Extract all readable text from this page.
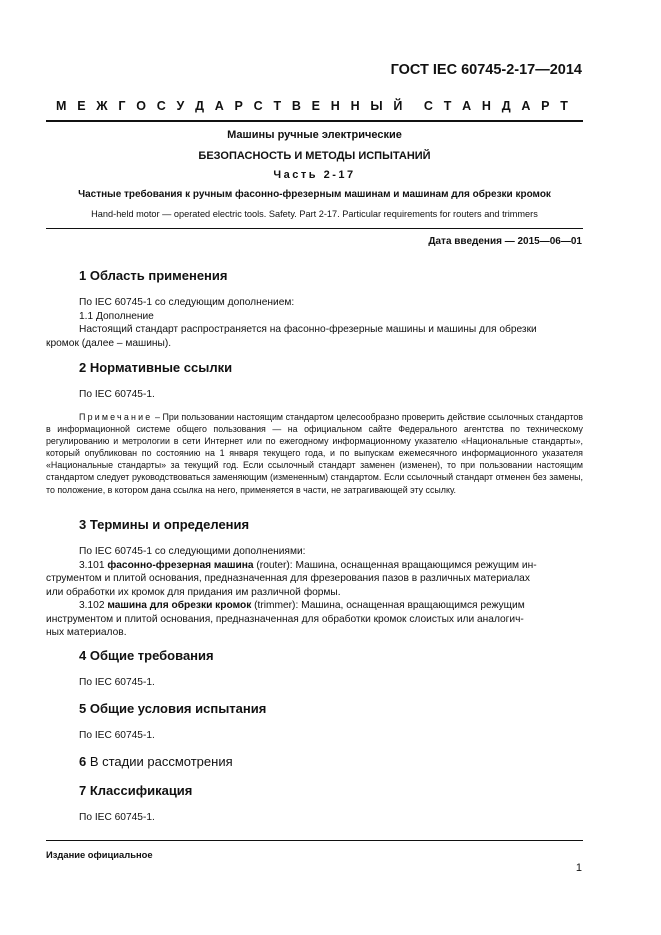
ГОСТ IEC 60745-2-17—2014
М Е Ж Г О С У Д А Р С Т В Е Н Н Ы Й С Т А Н Д А Р Т
Машины ручные электрические
БЕЗОПАСНОСТЬ И МЕТОДЫ ИСПЫТАНИЙ
Часть 2-17
Частные требования к ручным фасонно-фрезерным машинам и машинам для обрезки кромок
Hand-held motor — operated electric tools. Safety. Part 2-17. Particular requirements for routers and trimmers
Дата введения — 2015—06—01
1 Область применения
По IEC 60745-1 со следующим дополнением:
1.1 Дополнение
Настоящий стандарт распространяется на фасонно-фрезерные машины и машины для обрезки
кромок (далее – машины).
2 Нормативные ссылки
По IEC 60745-1.
Примечание – При пользовании настоящим стандартом целесообразно проверить действие ссылочных стандартов в информационной системе общего пользования — на официальном сайте Федерального агентства по техническому регулированию и метрологии в сети Интернет или по ежегодному информационному указателю «Национальные стандарты», который опубликован по состоянию на 1 января текущего года, и по выпускам ежемесячного информационного указателя «Национальные стандарты» за текущий год. Если ссылочный стандарт заменен (изменен), то при пользовании настоящим стандартом следует руководствоваться заменяющим (измененным) стандартом. Если ссылочный стандарт отменен без замены, то положение, в котором дана ссылка на него, применяется в части, не затрагивающей эту ссылку.
3 Термины и определения
По IEC 60745-1 со следующими дополнениями:
3.101 фасонно-фрезерная машина (router): Машина, оснащенная вращающимся режущим ин-
струментом и плитой основания, предназначенная для фрезерования пазов в различных материалах
или обработки их кромок для придания им различной формы.
3.102 машина для обрезки кромок (trimmer): Машина, оснащенная вращающимся режущим
инструментом и плитой основания, предназначенная для обработки кромок слоистых или аналогич-
ных материалов.
4 Общие требования
По IEC 60745-1.
5 Общие условия испытания
По IEC 60745-1.
6 В стадии рассмотрения
7 Классификация
По IEC 60745-1.
Издание официальное
1
